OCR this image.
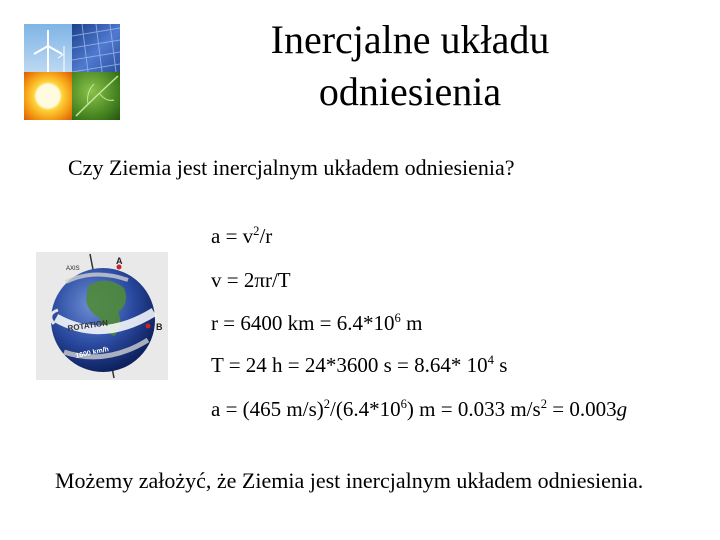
Inercjalne układu
odniesienia
Czy Ziemia jest inercjalnym układem odniesienia?
AXIS
A
B
ROTATION
1600 km/h
$a = v^2/r$
v = 2πr/T
r = 6400 km = $6.4*10^6$ m
T = 24 h = 24*3600 s = 8.64* $10^4$ s
a = (465 $m/s)^2/(6.4*10^6)$ m = 0.033 $m/s^2 = 0.003g$
Możemy założyć, że Ziemia jest inercjalnym układem odniesienia.
